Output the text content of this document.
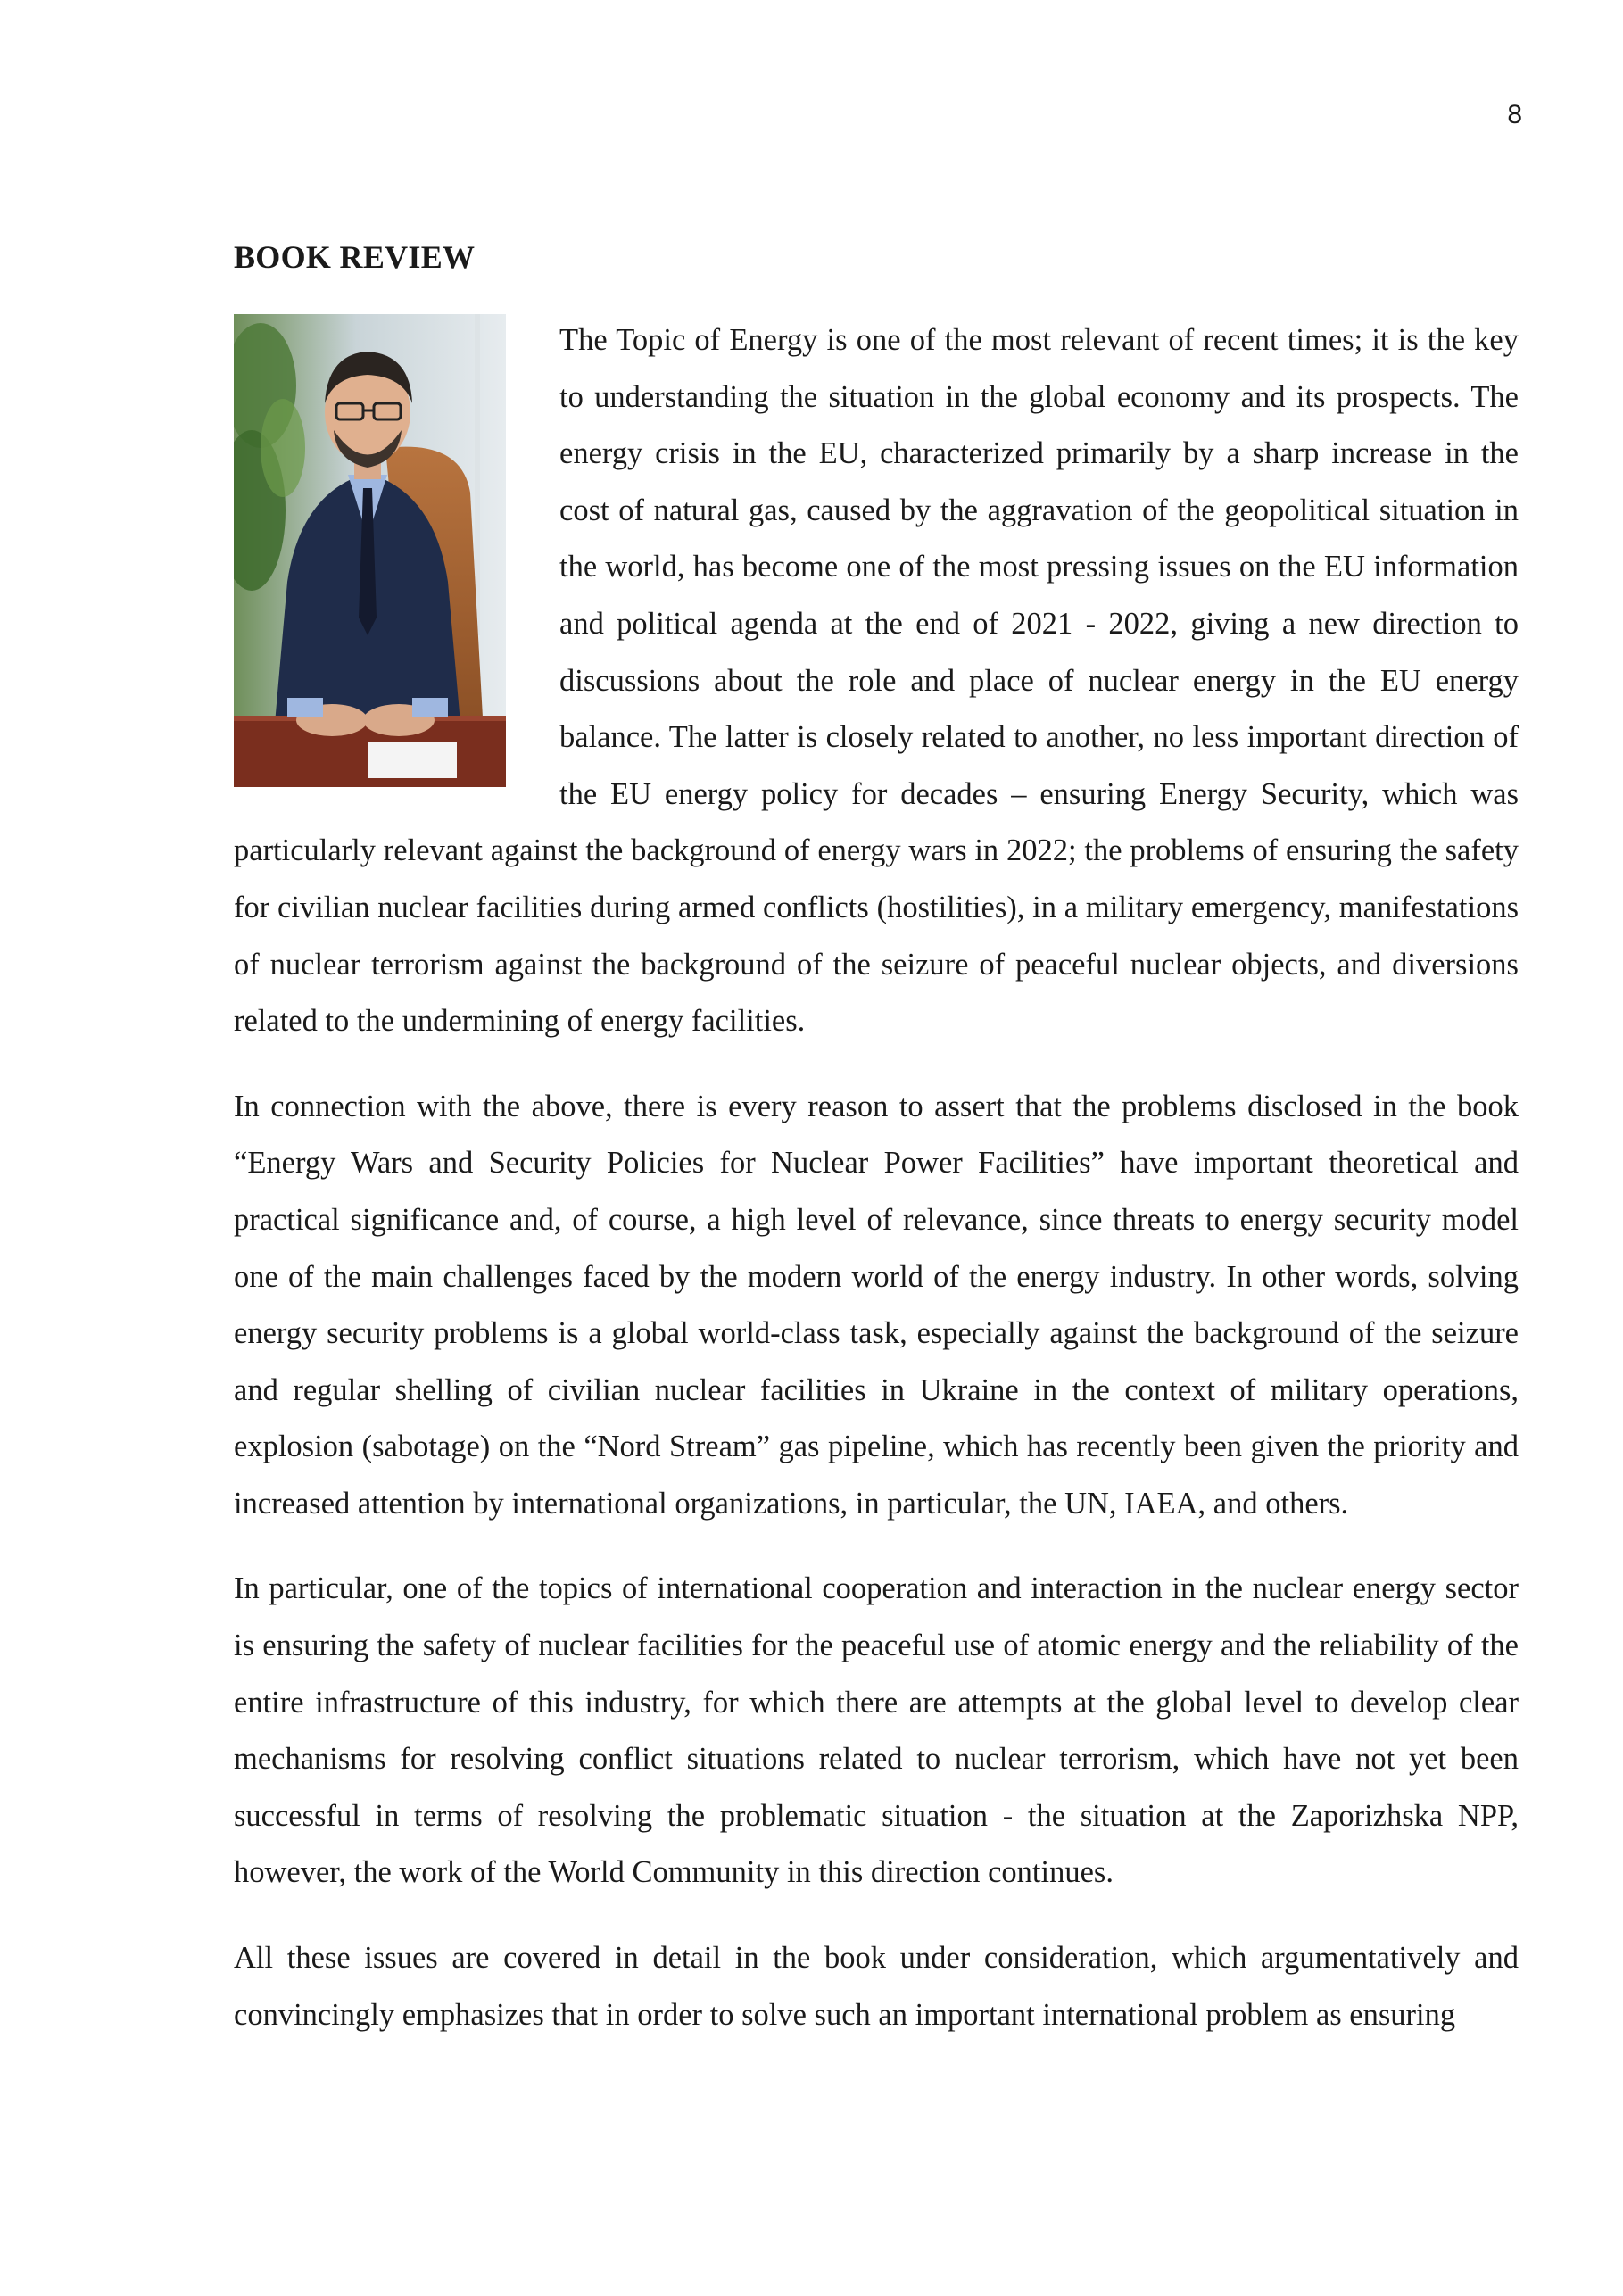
8
BOOK REVIEW

The Topic of Energy is one of the most relevant of recent times; it is the key to understanding the situation in the global economy and its prospects. The energy crisis in the EU, characterized primarily by a sharp increase in the cost of natural gas, caused by the aggravation of the geopolitical situation in the world, has become one of the most pressing issues on the EU information and political agenda at the end of 2021 - 2022, giving a new direction to discussions about the role and place of nuclear energy in the EU energy balance. The latter is closely related to another, no less important direction of the EU energy policy for decades – ensuring Energy Security, which was particularly relevant against the background of energy wars in 2022; the problems of ensuring the safety for civilian nuclear facilities during armed conflicts (hostilities), in a military emergency, manifestations of nuclear terrorism against the background of the seizure of peaceful nuclear objects, and diversions related to the undermining of energy facilities.

In connection with the above, there is every reason to assert that the problems disclosed in the book “Energy Wars and Security Policies for Nuclear Power Facilities” have important theoretical and practical significance and, of course, a high level of relevance, since threats to energy security model one of the main challenges faced by the modern world of the energy industry. In other words, solving energy security problems is a global world-class task, especially against the background of the seizure and regular shelling of civilian nuclear facilities in Ukraine in the context of military operations, explosion (sabotage) on the “Nord Stream” gas pipeline, which has recently been given the priority and increased attention by international organizations, in particular, the UN, IAEA, and others.

In particular, one of the topics of international cooperation and interaction in the nuclear energy sector is ensuring the safety of nuclear facilities for the peaceful use of atomic energy and the reliability of the entire infrastructure of this industry, for which there are attempts at the global level to develop clear mechanisms for resolving conflict situations related to nuclear terrorism, which have not yet been successful in terms of resolving the problematic situation - the situation at the Zaporizhska NPP, however, the work of the World Community in this direction continues.

All these issues are covered in detail in the book under consideration, which argumentatively and convincingly emphasizes that in order to solve such an important international problem as ensuring
